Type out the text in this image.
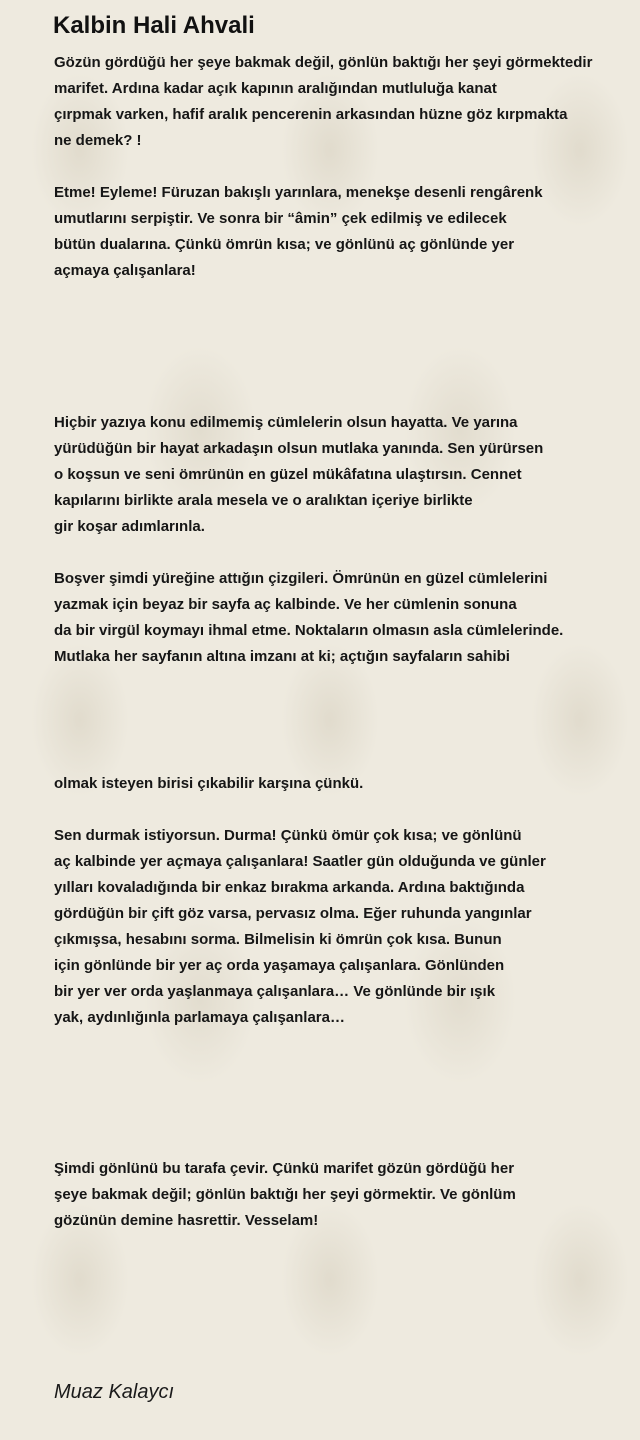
Kalbin Hali Ahvali

Gözün gördüğü her şeye bakmak değil, gönlün baktığı her şeyi görmektedir
marifet. Ardına kadar açık kapının aralığından mutluluğa kanat
çırpmak varken, hafif aralık pencerenin arkasından hüzne göz kırpmakta
ne demek? !

Etme! Eyleme! Füruzan bakışlı yarınlara, menekşe desenli rengârenk
umutlarını serpiştir. Ve sonra bir “âmin” çek edilmiş ve edilecek
bütün dualarına. Çünkü ömrün kısa; ve gönlünü aç gönlünde yer
açmaya çalışanlara!

Hiçbir yazıya konu edilmemiş cümlelerin olsun hayatta. Ve yarına
yürüdüğün bir hayat arkadaşın olsun mutlaka yanında. Sen yürürsen
o koşsun ve seni ömrünün en güzel mükâfatına ulaştırsın. Cennet
kapılarını birlikte arala mesela ve o aralıktan içeriye birlikte
gir koşar adımlarınla.

Boşver şimdi yüreğine attığın çizgileri. Ömrünün en güzel cümlelerini
yazmak için beyaz bir sayfa aç kalbinde. Ve her cümlenin sonuna
da bir virgül koymayı ihmal etme. Noktaların olmasın asla cümlelerinde.
Mutlaka her sayfanın altına imzanı at ki; açtığın sayfaların sahibi

olmak isteyen birisi çıkabilir karşına çünkü.

Sen durmak istiyorsun. Durma! Çünkü ömür çok kısa; ve gönlünü
aç kalbinde yer açmaya çalışanlara! Saatler gün olduğunda ve günler
yılları kovaladığında bir enkaz bırakma arkanda. Ardına baktığında
gördüğün bir çift göz varsa, pervasız olma. Eğer ruhunda yangınlar
çıkmışsa, hesabını sorma. Bilmelisin ki ömrün çok kısa. Bunun
için gönlünde bir yer aç orda yaşamaya çalışanlara. Gönlünden
bir yer ver orda yaşlanmaya çalışanlara… Ve gönlünde bir ışık
yak, aydınlığınla parlamaya çalışanlara…

Şimdi gönlünü bu tarafa çevir. Çünkü marifet gözün gördüğü her
şeye bakmak değil; gönlün baktığı her şeyi görmektir. Ve gönlüm
gözünün demine hasrettir. Vesselam!

Muaz Kalaycı
